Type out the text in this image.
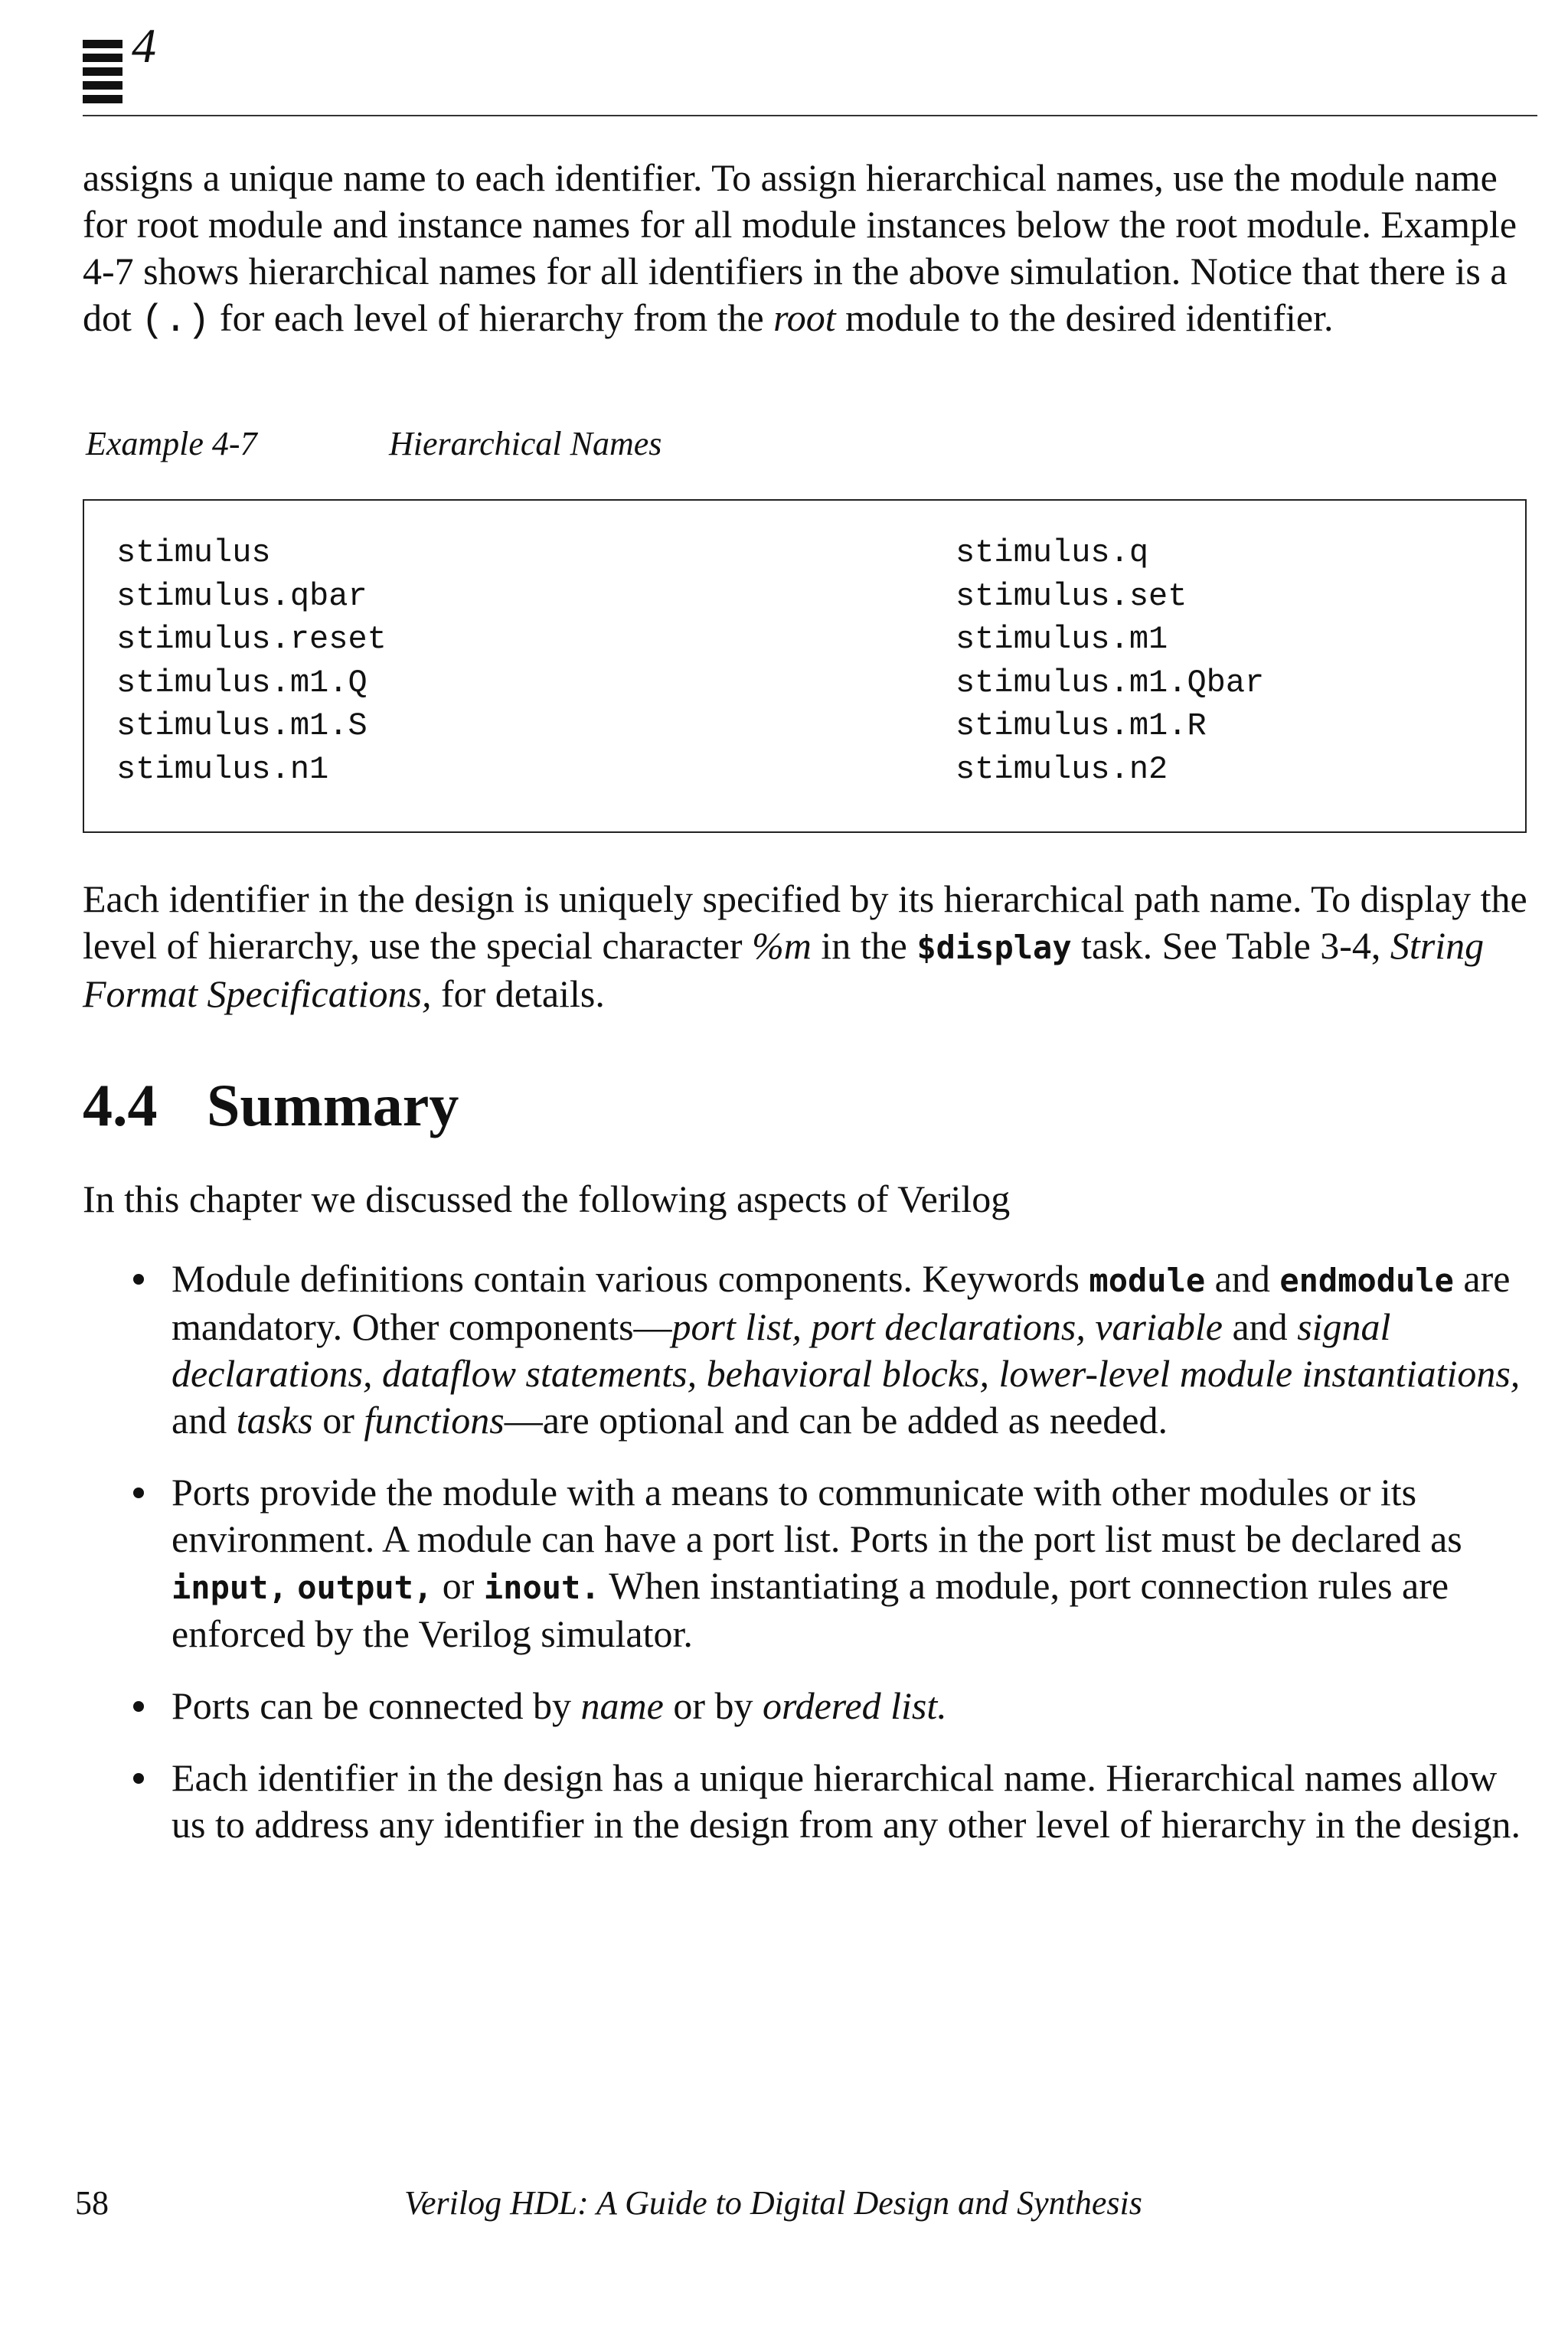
4

assigns a unique name to each identifier. To assign hierarchical names, use the module name for root module and instance names for all module instances below the root module. Example 4-7 shows hierarchical names for all identifiers in the above simulation. Notice that there is a dot (.) for each level of hierarchy from the root module to the desired identifier.

Example 4-7	Hierarchical Names
stimulus
stimulus.qbar
stimulus.reset
stimulus.m1.Q
stimulus.m1.S
stimulus.n1
stimulus.q
stimulus.set
stimulus.m1
stimulus.m1.Qbar
stimulus.m1.R
stimulus.n2

Each identifier in the design is uniquely specified by its hierarchical path name. To display the level of hierarchy, use the special character %m in the $display task. See Table 3-4, String Format Specifications, for details.

4.4 Summary
In this chapter we discussed the following aspects of Verilog
Module definitions contain various components. Keywords module and endmodule are mandatory. Other components—port list, port declarations, variable and signal declarations, dataflow statements, behavioral blocks, lower-level module instantiations, and tasks or functions—are optional and can be added as needed.
Ports provide the module with a means to communicate with other modules or its environment. A module can have a port list. Ports in the port list must be declared as input, output, or inout. When instantiating a module, port connection rules are enforced by the Verilog simulator.
Ports can be connected by name or by ordered list.
Each identifier in the design has a unique hierarchical name. Hierarchical names allow us to address any identifier in the design from any other level of hierarchy in the design.
58	Verilog HDL: A Guide to Digital Design and Synthesis
